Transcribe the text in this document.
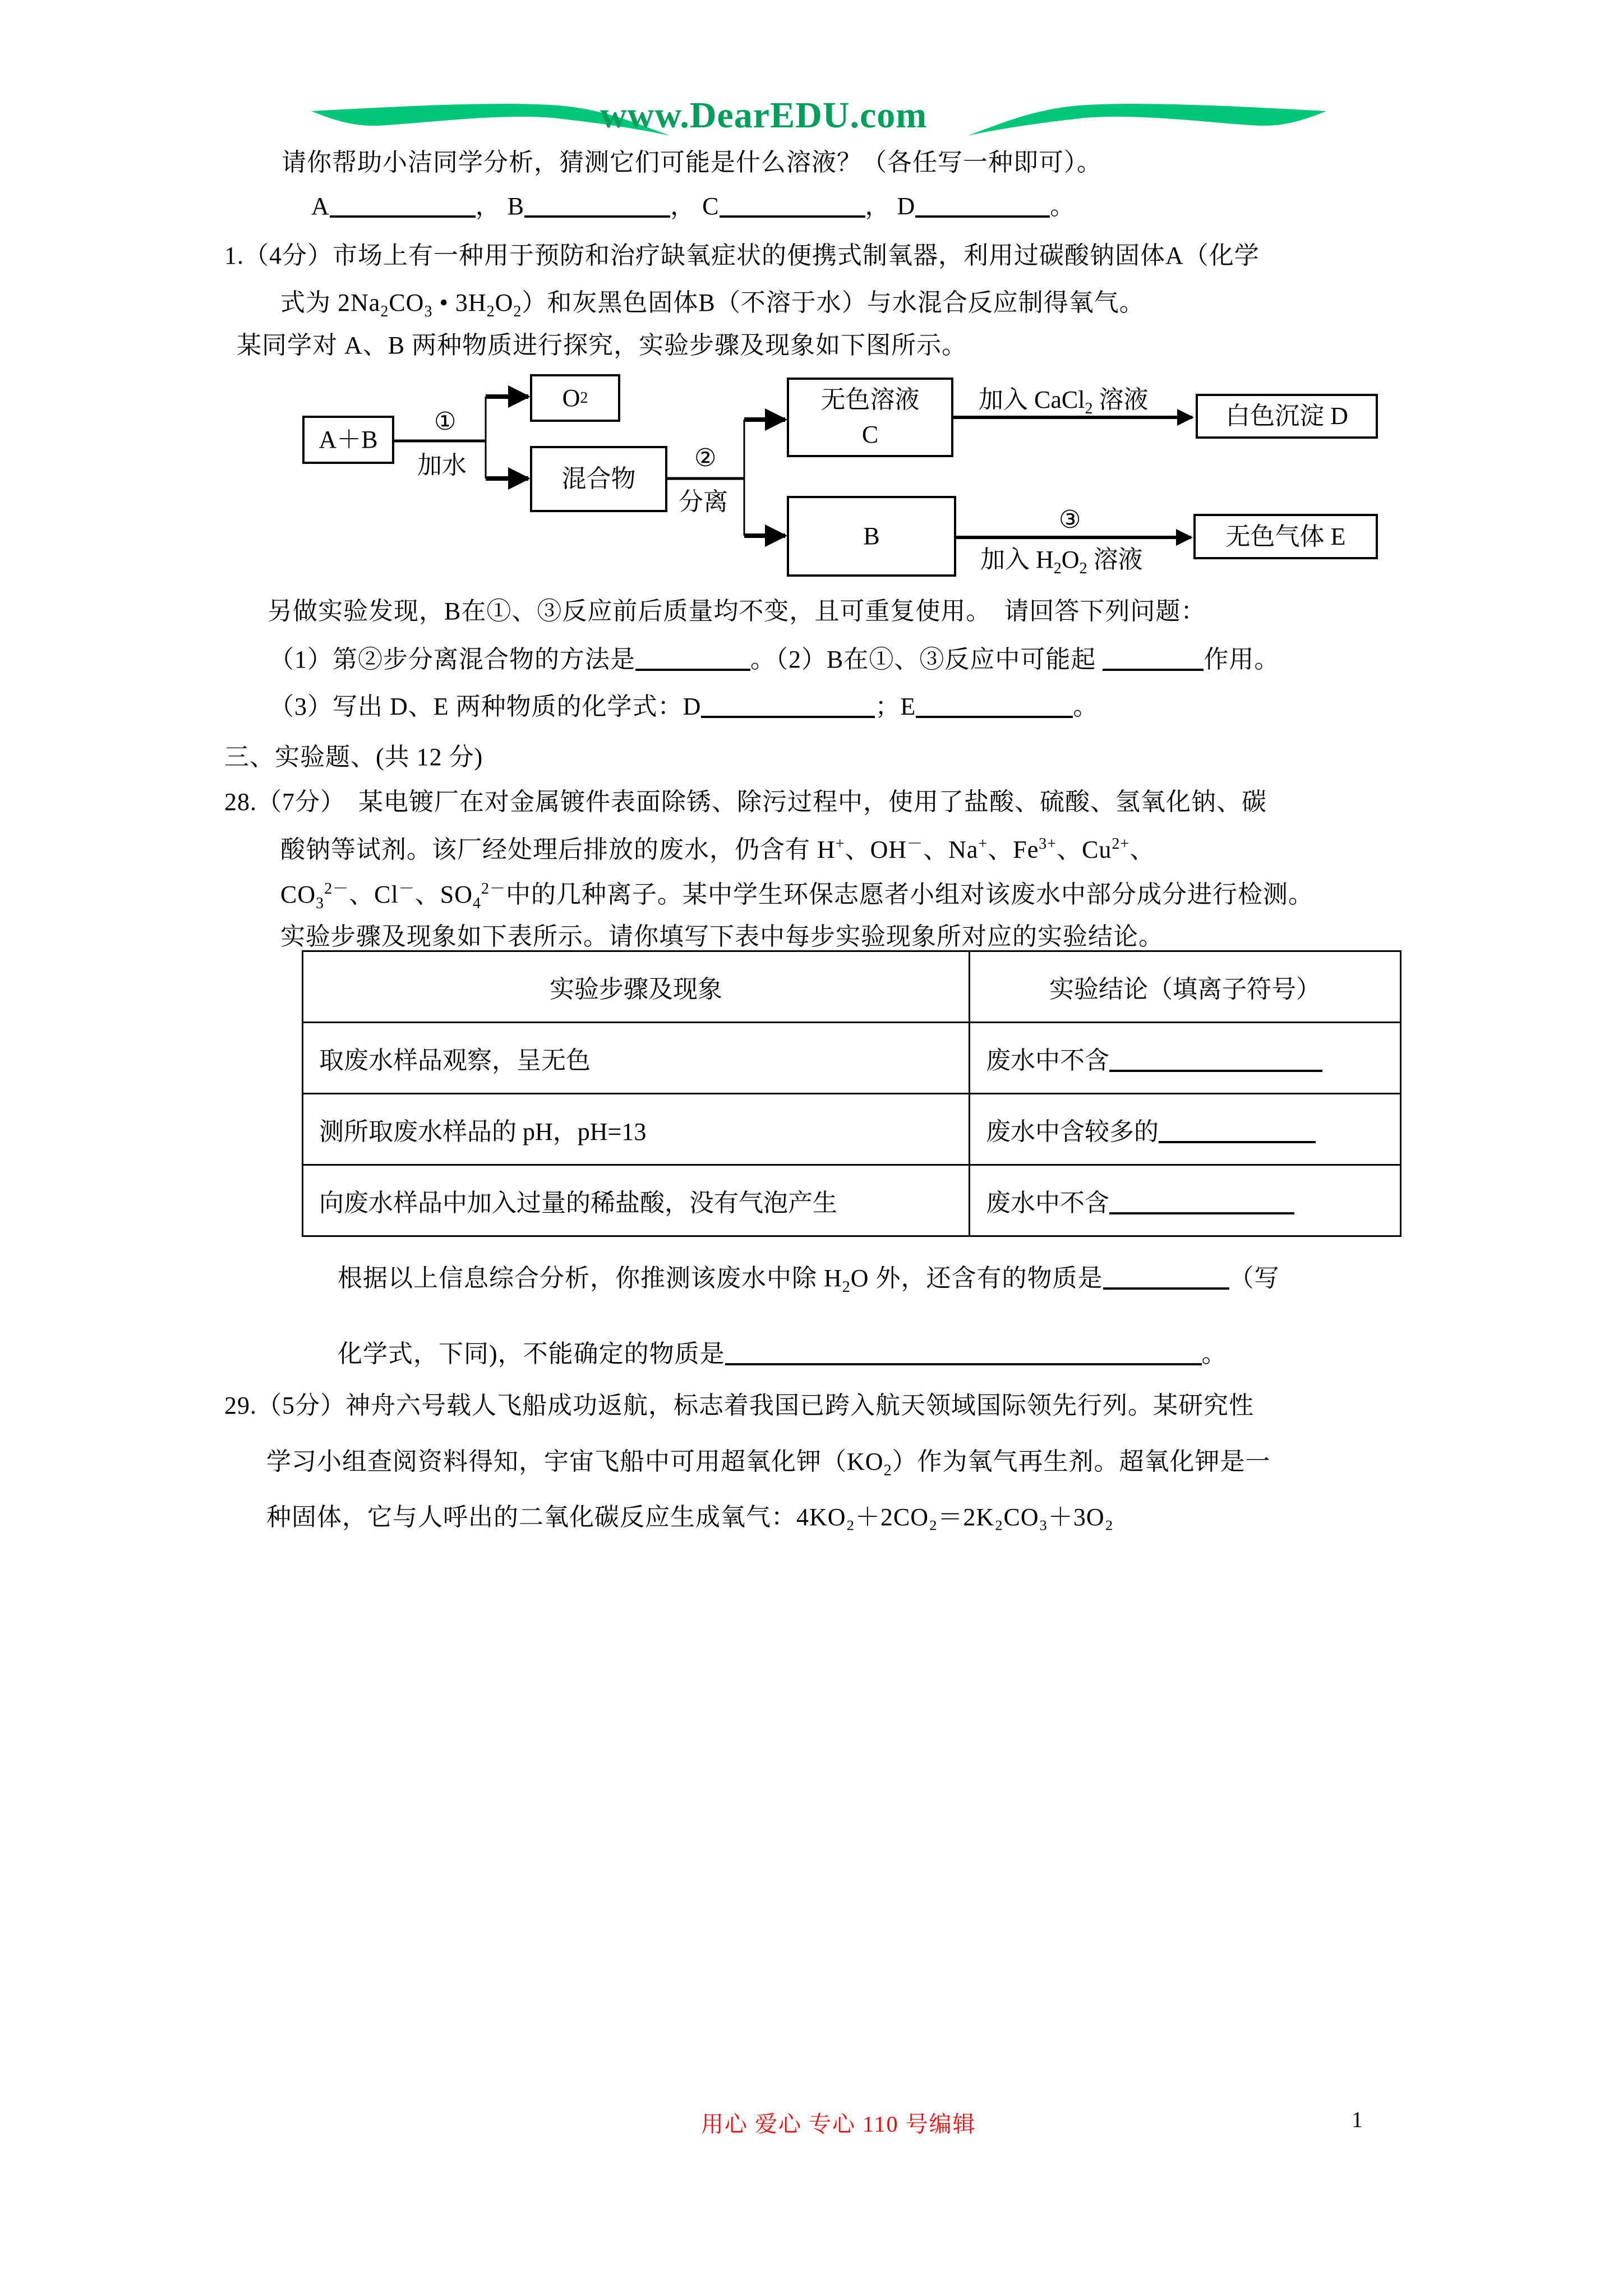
www.DearEDU.com
请你帮助小洁同学分析，猜测它们可能是什么溶液？（各任写一种即可）。
A	， B	， C	， D	。
1.（4分）市场上有一种用于预防和治疗缺氧症状的便携式制氧器，利用过碳酸钠固体A（化学
式为 $2Na_2CO_3$ • $3H_2O_2$）和灰黑色固体B（不溶于水）与水混合反应制得氧气。
某同学对 A、B 两种物质进行探究，实验步骤及现象如下图所示。
A＋B
①
加水
O 2
混合物
②
分离
无色溶液
C
B
加入 CaCl$_2$ 溶液
白色沉淀 D
③
加入 $H_2O_2$ 溶液
无色气体 E
另做实验发现，B在①、③反应前后质量均不变，且可重复使用。　请回答下列问题：
（1）第②步分离混合物的方法是	。（2）B在①、③反应中可能起	作用。
（3）写出 D、E 两种物质的化学式：D	；E	。
三、实验题、(共 12 分)
28.（7分）　某电镀厂在对金属镀件表面除锈、除污过程中，使用了盐酸、硫酸、氢氧化钠、碳
酸钠等试剂。该厂经处理后排放的废水，仍含有 H+、OH－、Na+、$Fe^{3+}$、$Cu^{2+}$、
$CO_3^{2-}$、Cl－、$SO_4^{2-}$中的几种离子。某中学生环保志愿者小组对该废水中部分成分进行检测。
实验步骤及现象如下表所示。请你填写下表中每步实验现象所对应的实验结论。
实验步骤及现象	实验结论（填离子符号）
取废水样品观察，呈无色	废水中不含
测所取废水样品的 pH，pH=13	废水中含较多的
向废水样品中加入过量的稀盐酸，没有气泡产生	废水中不含
根据以上信息综合分析，你推测该废水中除 $H_2O$ 外，还含有的物质是	（写
化学式，下同)，不能确定的物质是	。
29.（5分）神舟六号载人飞船成功返航，标志着我国已跨入航天领域国际领先行列。某研究性
学习小组查阅资料得知，宇宙飞船中可用超氧化钾$(KO_2)$作为氧气再生剂。超氧化钾是一
种固体，它与人呼出的二氧化碳反应生成氧气：4KO₂＋2CO₂＝2K₂CO₃＋3O₂
用心 爱心 专心 110 号编辑	1
